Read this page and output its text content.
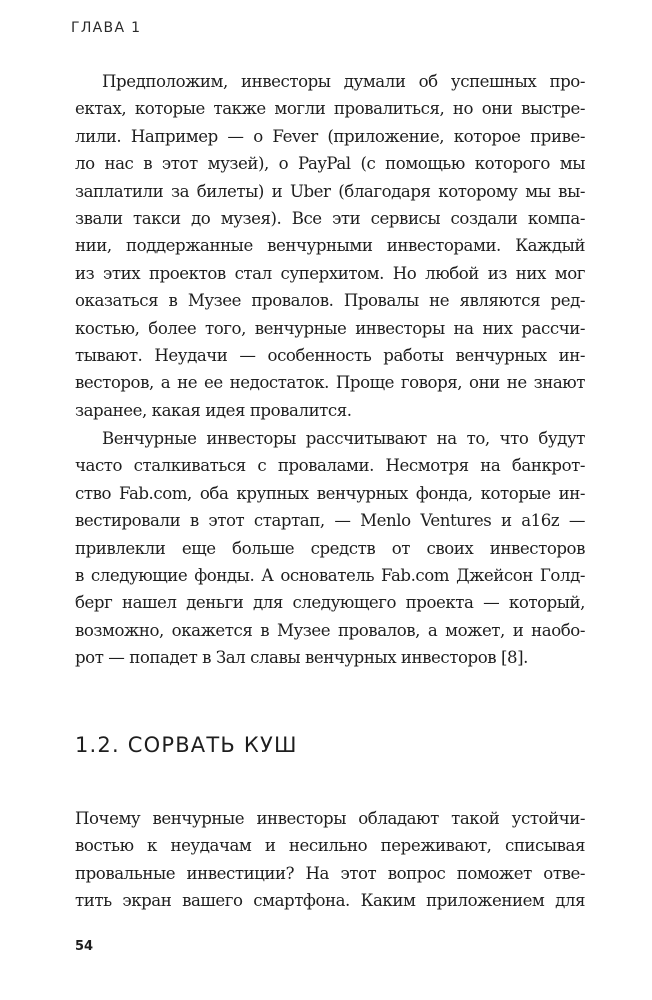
ГЛАВА 1
Предположим, инвесторы думали об успешных про-
ектах, которые также могли провалиться, но они выстре-
лили. Например — о Fever (приложение, которое приве-
ло нас в этот музей), о PayPal (с помощью которого мы
заплатили за билеты) и Uber (благодаря которому мы вы-
звали такси до музея). Все эти сервисы создали компа-
нии, поддержанные венчурными инвесторами. Каждый
из этих проектов стал суперхитом. Но любой из них мог
оказаться в Музее провалов. Провалы не являются ред-
костью, более того, венчурные инвесторы на них рассчи-
тывают. Неудачи — особенность работы венчурных ин-
весторов, а не ее недостаток. Проще говоря, они не знают
заранее, какая идея провалится.
Венчурные инвесторы рассчитывают на то, что будут
часто сталкиваться с провалами. Несмотря на банкрот-
ство Fab.com, оба крупных венчурных фонда, которые ин-
вестировали в этот стартап, — Menlo Ventures и a16z —
привлекли еще больше средств от своих инвесторов
в следующие фонды. А основатель Fab.com Джейсон Голд-
берг нашел деньги для следующего проекта — который,
возможно, окажется в Музее провалов, а может, и наобо-
рот — попадет в Зал славы венчурных инвесторов [8].
1.2. СОРВАТЬ КУШ
Почему венчурные инвесторы обладают такой устойчи-
востью к неудачам и несильно переживают, списывая
провальные инвестиции? На этот вопрос поможет отве-
тить экран вашего смартфона. Каким приложением для
54
